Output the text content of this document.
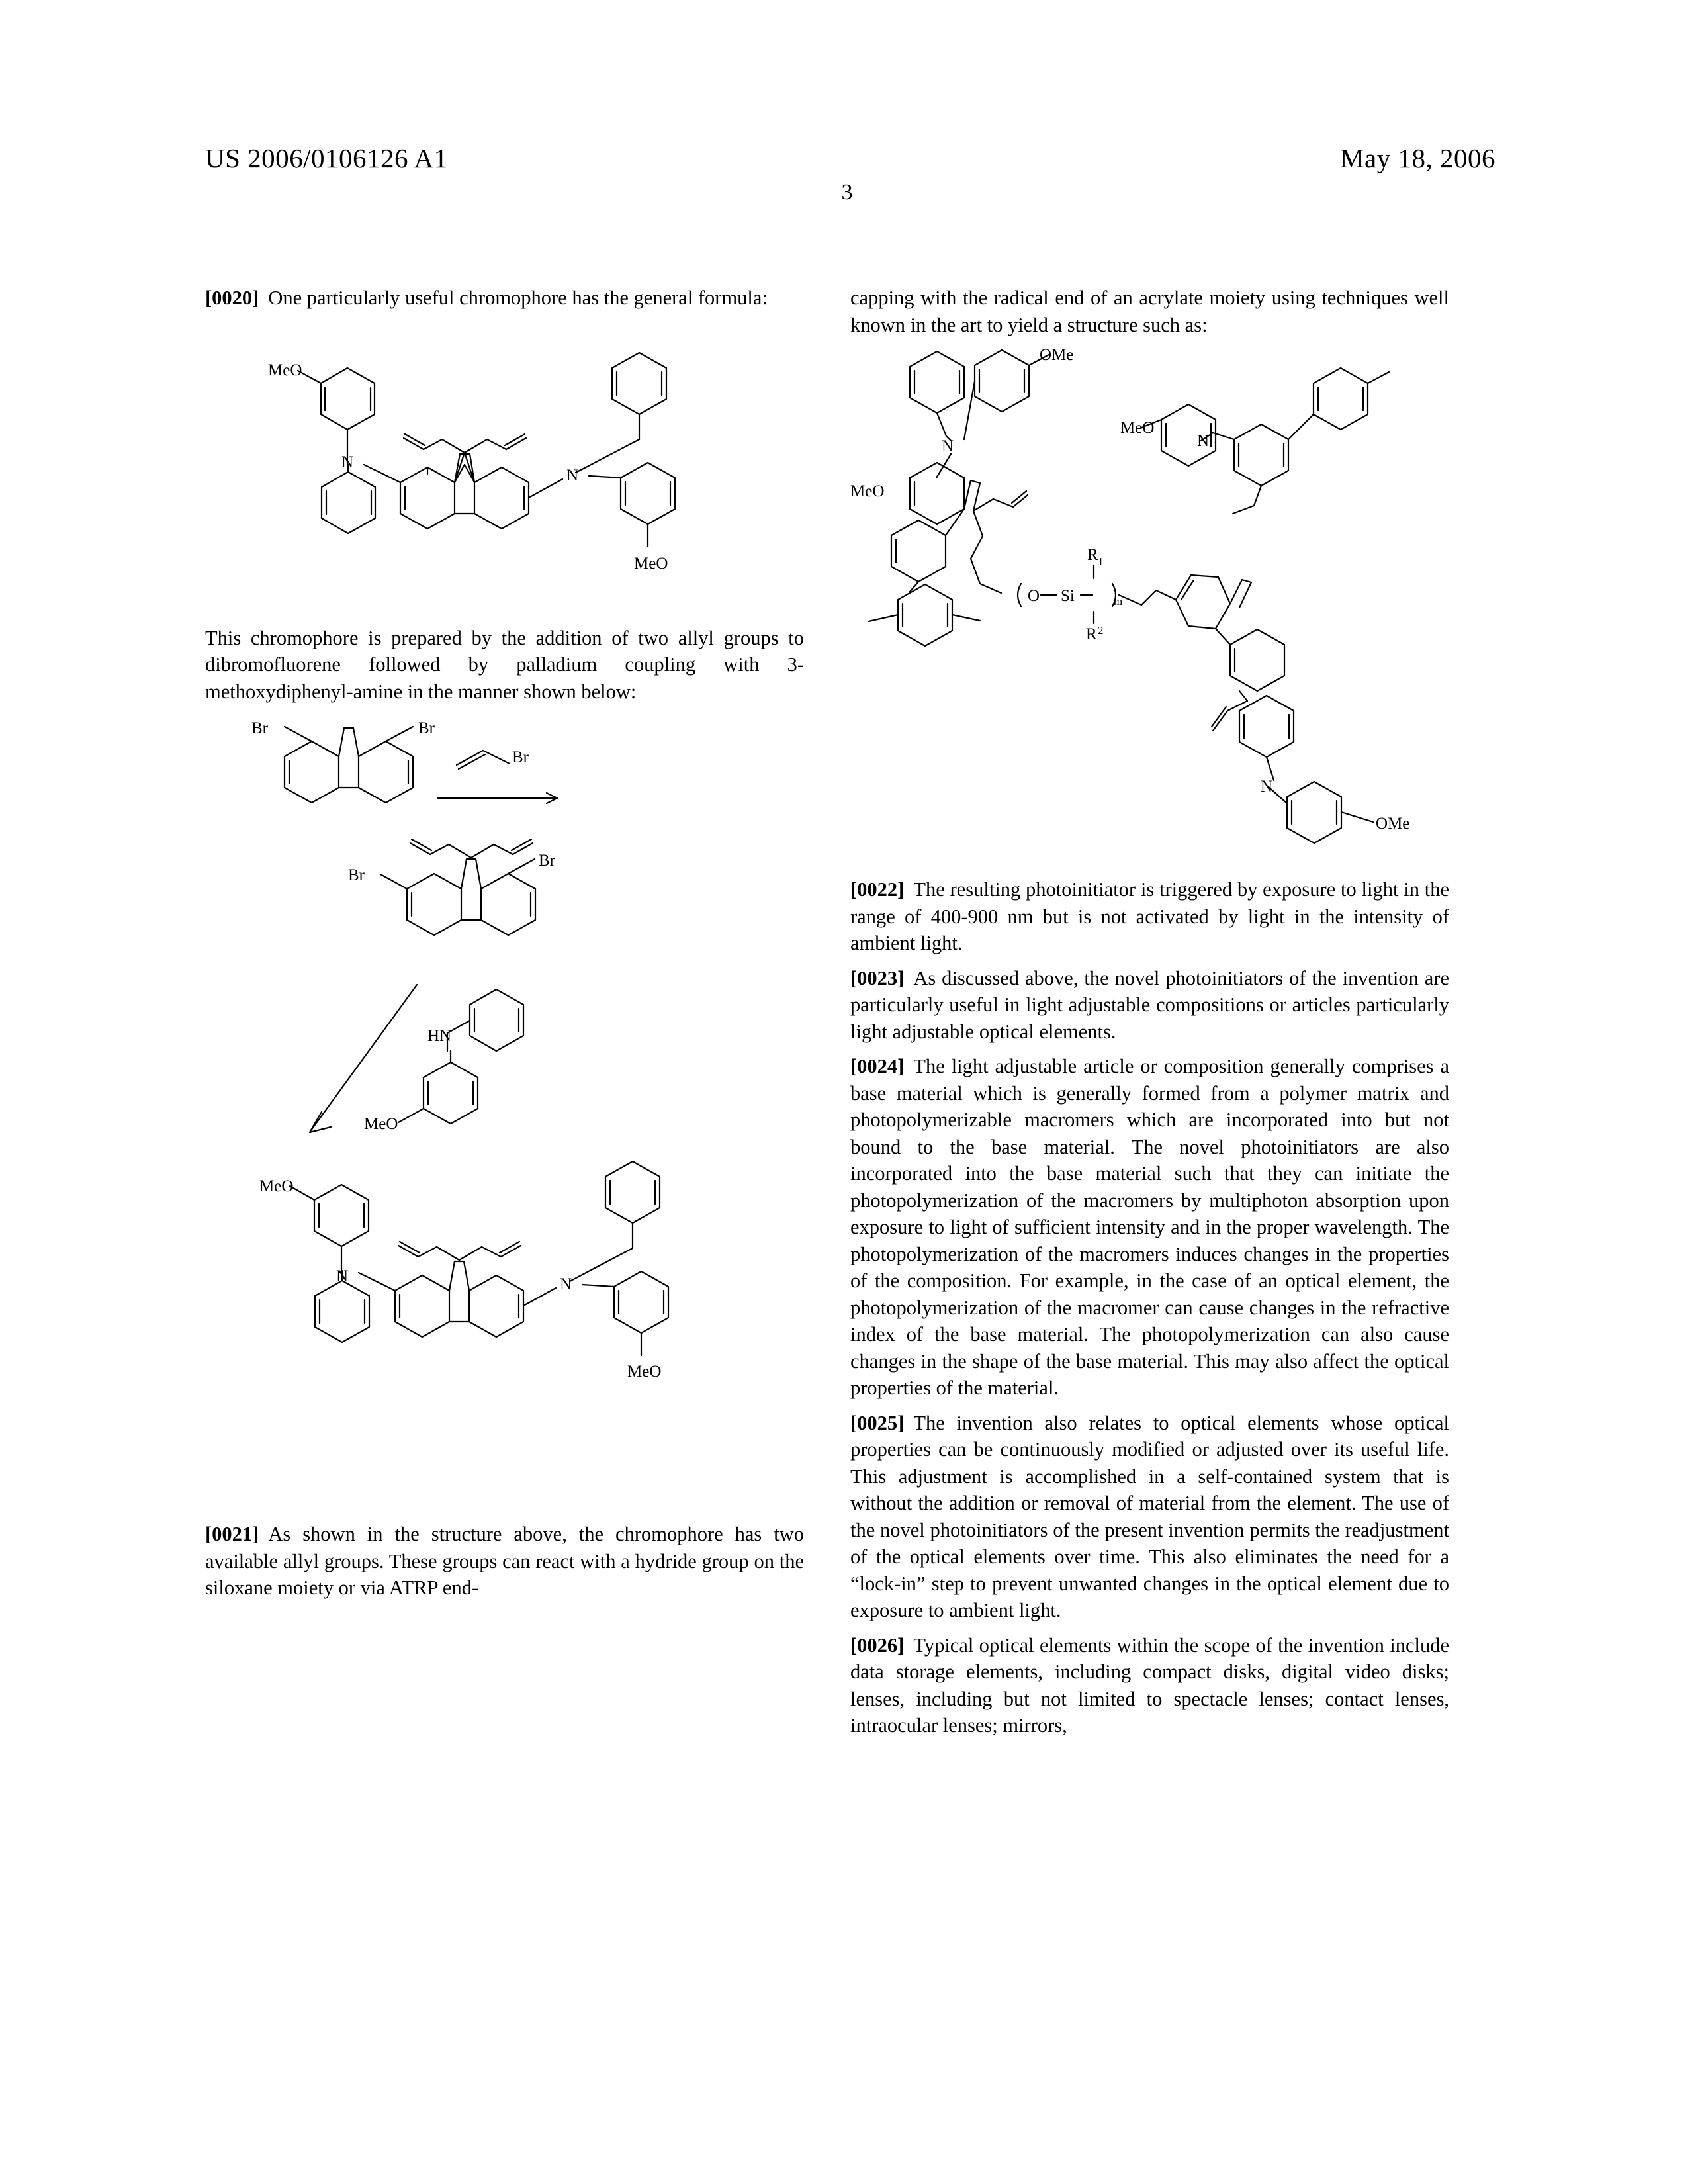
US 2006/0106126 A1	May 18, 2006
3

[0020] One particularly useful chromophore has the general formula:

MeO
N
N
MeO

This chromophore is prepared by the addition of two allyl groups to dibromofluorene followed by palladium coupling with 3-methoxydiphenyl-amine in the manner shown below:

Br	Br
Br
Br
Br
HN
MeO
MeO
N	N
MeO

[0021] As shown in the structure above, the chromophore has two available allyl groups. These groups can react with a hydride group on the siloxane moiety or via ATRP end-

capping with the radical end of an acrylate moiety using techniques well known in the art to yield a structure such as:

OMe
N
MeO
O Si	m
R 1
R 2
MeO
N
N
OMe

[0022] The resulting photoinitiator is triggered by exposure to light in the range of 400-900 nm but is not activated by light in the intensity of ambient light.

[0023] As discussed above, the novel photoinitiators of the invention are particularly useful in light adjustable compositions or articles particularly light adjustable optical elements.

[0024] The light adjustable article or composition generally comprises a base material which is generally formed from a polymer matrix and photopolymerizable macromers which are incorporated into but not bound to the base material. The novel photoinitiators are also incorporated into the base material such that they can initiate the photopolymerization of the macromers by multiphoton absorption upon exposure to light of sufficient intensity and in the proper wavelength. The photopolymerization of the macromers induces changes in the properties of the composition. For example, in the case of an optical element, the photopolymerization of the macromer can cause changes in the refractive index of the base material. The photopolymerization can also cause changes in the shape of the base material. This may also affect the optical properties of the material.

[0025] The invention also relates to optical elements whose optical properties can be continuously modified or adjusted over its useful life. This adjustment is accomplished in a self-contained system that is without the addition or removal of material from the element. The use of the novel photoinitiators of the present invention permits the readjustment of the optical elements over time. This also eliminates the need for a “lock-in” step to prevent unwanted changes in the optical element due to exposure to ambient light.

[0026] Typical optical elements within the scope of the invention include data storage elements, including compact disks, digital video disks; lenses, including but not limited to spectacle lenses; contact lenses, intraocular lenses; mirrors,
